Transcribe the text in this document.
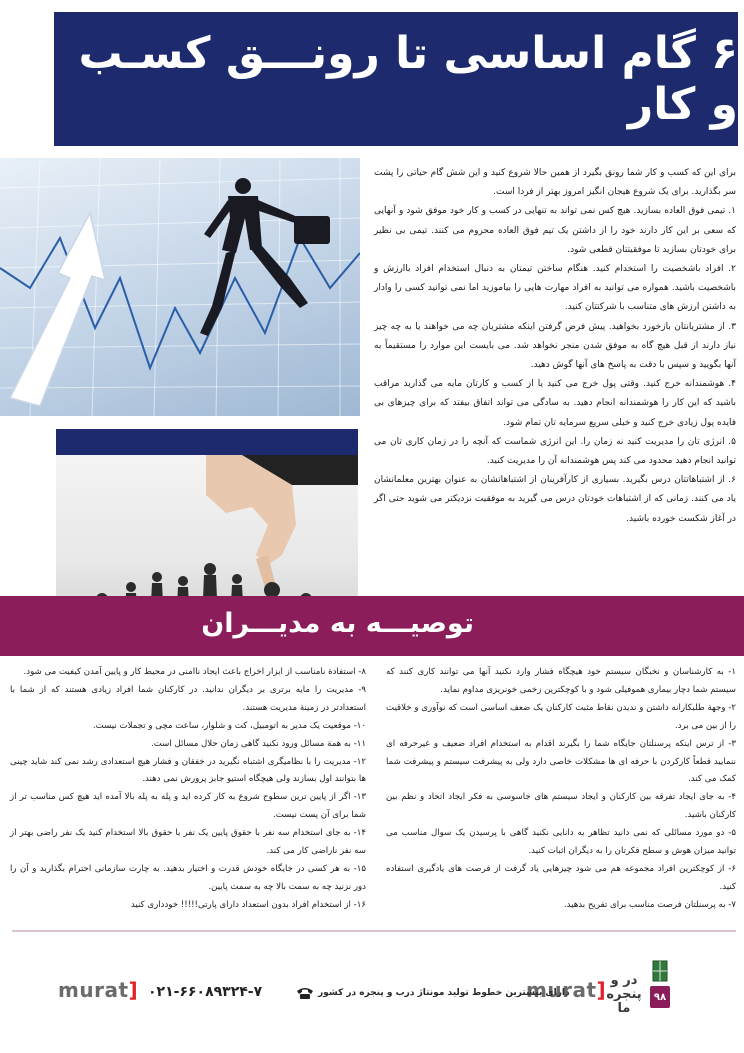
۶ گام اساسی تا رونـــق کسـب و کار

برای این که کسب و کار شما رونق بگیرد از همین حالا شروع کنید و این شش گام حیاتی را پشت سر بگذارید. برای یک شروع هیجان انگیز امروز بهتر از فردا است.

۱. تیمی فوق العاده بسازید. هیچ کس نمی تواند به تنهایی در کسب و کار خود موفق شود و آنهایی که سعی بر این کار دارند خود را از داشتن یک تیم فوق العاده محروم می کنند. تیمی بی نظیر برای خودتان بسازید تا موفقیتتان قطعی شود.

۲. افراد باشخصیت را استخدام کنید. هنگام ساختن تیمتان به دنبال استخدام افراد باارزش و باشخصیت باشید. همواره می توانید به افراد مهارت هایی را بیاموزید اما نمی توانید کسی را وادار به داشتن ارزش های متناسب با شرکتتان کنید.

۳. از مشتریانتان بازخورد بخواهید. پیش فرض گرفتن اینکه مشتریان چه می خواهند یا به چه چیز نیاز دارند از قبل هیچ گاه به موفق شدن منجر نخواهد شد. می بایست این موارد را مستقیماً به آنها بگویید و سپس با دقت به پاسخ های آنها گوش دهید.

۴. هوشمندانه خرج کنید. وقتی پول خرج می کنید یا از کسب و کارتان مایه می گذارید مراقب باشید که این کار را هوشمندانه انجام دهید. به سادگی می تواند اتفاق بیفتد که برای چیزهای بی فایده پول زیادی خرج کنید و خیلی سریع سرمایه تان تمام شود.

۵. انرژی تان را مدیریت کنید نه زمان را. این انرژی شماست که آنچه را در زمان کاری تان می توانید انجام دهید محدود می کند پس هوشمندانه آن را مدیریت کنید.

۶. از اشتباهاتتان درس بگیرید. بسیاری از کارآفرینان از اشتباهاتشان به عنوان بهترین معلمانشان یاد می کنند. زمانی که از اشتباهات خودتان درس می گیرید به موفقیت نزدیکتر می شوید حتی اگر در آغاز شکست خورده باشید.

توصیـــه به مدیـــران

۱- به کارشناسان و نخبگان سیستم خود هیچگاه فشار وارد نکنید آنها می توانند کاری کنند که سیستم شما دچار بیماری هموفیلی شود و با کوچکترین زخمی خونریزی مداوم نماید.

۲- وجهة طلبکارانه داشتن و ندیدن نقاط مثبت کارکنان یک ضعف اساسی است که نوآوری و خلاقیت را از بین می برد.

۳- از ترس اینکه پرسنلتان جایگاه شما را بگیرند اقدام به استخدام افراد ضعیف و غیرحرفه ای ننمایید قطعاً کارکردن با حرفه ای ها مشکلات خاصی دارد ولی به پیشرفت سیستم و پیشرفت شما کمک می کند.

۴- به جای ایجاد تفرقه بین کارکنان و ایجاد سیستم های جاسوسی به فکر ایجاد اتحاد و نظم بین کارکنان باشید.

۵- دو مورد مسائلی که نمی دانید تظاهر به دانایی نکنید گاهی با پرسیدن یک سوال مناسب می توانید میزان هوش و سطح فکرتان را به دیگران اثبات کنید.

۶- از کوچکترین افراد مجموعه هم می شود چیزهایی یاد گرفت از فرصت های یادگیری استفاده کنید.

۷- به پرسنلتان فرصت مناسب برای تفریح بدهید.

۸- استفادة نامناسب از ابزار اخراج باعث ایجاد ناامنی در محیط کار و پایین آمدن کیفیت می شود.

۹- مدیریت را مایه برتری بر دیگران ندانید. در کارکنان شما افراد زیادی هستند که از شما با استعدادتر در زمینة مدیریت هستند.

۱۰- موقعیت یک مدیر به اتومبیل، کت و شلوار، ساعت مچی و تجملات نیست.

۱۱- به همة مسائل ورود نکنید گاهی زمان حلال مسائل است.

۱۲- مدیریت را با نظامیگری اشتباه نگیرید در خفقان و فشار هیچ استعدادی رشد نمی کند شاید چینی ها بتوانند اول بسازند ولی هیچگاه استیو جابز پرورش نمی دهند.

۱۳- اگر از پایین ترین سطوح شروع به کار کرده اید و پله به پله بالا آمده اید هیچ کس مناسب تر از شما برای آن پست نیست.

۱۴- به جای استخدام سه نفر با حقوق پایین یک نفر با حقوق بالا استخدام کنید یک نفر راضی بهتر از سه نفر ناراضی کار می کند.

۱۵- به هر کسی در جایگاه خودش قدرت و اختیار بدهید. به چارت سازمانی احترام بگذارید و آن را دور نزنید چه به سمت بالا چه به سمت پایین.

۱۶- از استخدام افراد بدون استعداد دارای پارتی!!!!! خودداری کنید

۹۸
در و پنجره ما
murat]
دارای بیشترین خطوط تولید مونتاژ درب و پنجره در کشور
۰۲۱-۶۶۰۸۹۳۲۴-۷
murat]
